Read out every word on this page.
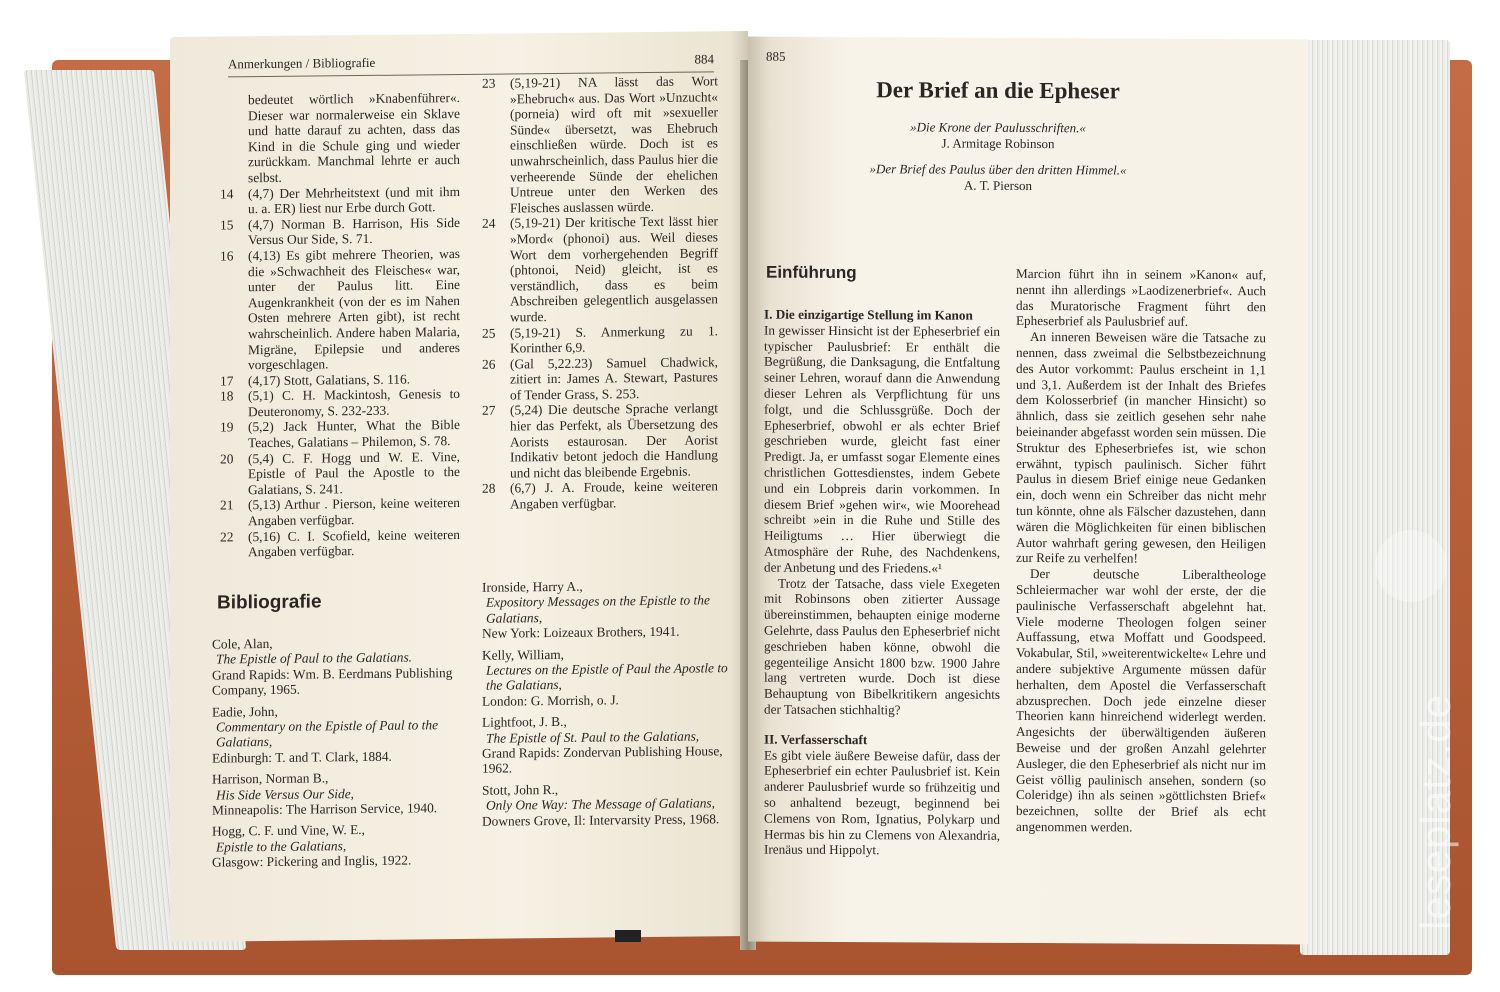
Anmerkungen / Bibliografie	884
bedeutet wörtlich »Knabenführer«. Dieser war normalerweise ein Sklave und hatte darauf zu achten, dass das Kind in die Schule ging und wieder zurückkam. Manchmal lehrte er auch selbst.
14	(4,7) Der Mehrheitstext (und mit ihm u. a. ER) liest nur Erbe durch Gott.
15	(4,7) Norman B. Harrison, His Side Versus Our Side, S. 71.
16	(4,13) Es gibt mehrere Theorien, was die »Schwachheit des Fleisches« war, unter der Paulus litt. Eine Augenkrankheit (von der es im Nahen Osten mehrere Arten gibt), ist recht wahrscheinlich. Andere haben Malaria, Migräne, Epilepsie und anderes vorgeschlagen.
17	(4,17) Stott, Galatians, S. 116.
18	(5,1) C. H. Mackintosh, Genesis to Deuteronomy, S. 232-233.
19	(5,2) Jack Hunter, What the Bible Teaches, Galatians – Philemon, S. 78.
20	(5,4) C. F. Hogg und W. E. Vine, Epistle of Paul the Apostle to the Galatians, S. 241.
21	(5,13) Arthur . Pierson, keine weiteren Angaben verfügbar.
22	(5,16) C. I. Scofield, keine weiteren Angaben verfügbar.
23	(5,19-21) NA lässt das Wort »Ehebruch« aus. Das Wort »Unzucht« (porneia) wird oft mit »sexueller Sünde« übersetzt, was Ehebruch einschließen würde. Doch ist es unwahrscheinlich, dass Paulus hier die verheerende Sünde der ehelichen Untreue unter den Werken des Fleisches auslassen würde.
24	(5,19-21) Der kritische Text lässt hier »Mord« (phonoi) aus. Weil dieses Wort dem vorhergehenden Begriff (phtonoi, Neid) gleicht, ist es verständlich, dass es beim Abschreiben gelegentlich ausgelassen wurde.
25	(5,19-21) S. Anmerkung zu 1. Korinther 6,9.
26	(Gal 5,22.23) Samuel Chadwick, zitiert in: James A. Stewart, Pastures of Tender Grass, S. 253.
27	(5,24) Die deutsche Sprache verlangt hier das Perfekt, als Übersetzung des Aorists estaurosan. Der Aorist Indikativ betont jedoch die Handlung und nicht das bleibende Ergebnis.
28	(6,7) J. A. Froude, keine weiteren Angaben verfügbar.
Bibliografie
Cole, Alan,
The Epistle of Paul to the Galatians.
Grand Rapids: Wm. B. Eerdmans Publishing Company, 1965.
Eadie, John,
Commentary on the Epistle of Paul to the Galatians,
Edinburgh: T. and T. Clark, 1884.
Harrison, Norman B.,
His Side Versus Our Side,
Minneapolis: The Harrison Service, 1940.
Hogg, C. F. und Vine, W. E.,
Epistle to the Galatians,
Glasgow: Pickering and Inglis, 1922.
Ironside, Harry A.,
Expository Messages on the Epistle to the Galatians,
New York: Loizeaux Brothers, 1941.
Kelly, William,
Lectures on the Epistle of Paul the Apostle to the Galatians,
London: G. Morrish, o. J.
Lightfoot, J. B.,
The Epistle of St. Paul to the Galatians,
Grand Rapids: Zondervan Publishing House, 1962.
Stott, John R.,
Only One Way: The Message of Galatians,
Downers Grove, Il: Intervarsity Press, 1968.
885
Der Brief an die Epheser
»Die Krone der Paulusschriften.«
J. Armitage Robinson
»Der Brief des Paulus über den dritten Himmel.«
A. T. Pierson
Einführung
I. Die einzigartige Stellung im Kanon

In gewisser Hinsicht ist der Epheserbrief ein typischer Paulusbrief: Er enthält die Begrüßung, die Danksagung, die Entfaltung seiner Lehren, worauf dann die Anwendung dieser Lehren als Verpflichtung für uns folgt, und die Schlussgrüße. Doch der Epheserbrief, obwohl er als echter Brief geschrieben wurde, gleicht fast einer Predigt. Ja, er umfasst sogar Elemente eines christlichen Gottesdienstes, indem Gebete und ein Lobpreis darin vorkommen. In diesem Brief »gehen wir«, wie Moorehead schreibt »ein in die Ruhe und Stille des Heiligtums … Hier überwiegt die Atmosphäre der Ruhe, des Nachdenkens, der Anbetung und des Friedens.«¹

Trotz der Tatsache, dass viele Exegeten mit Robinsons oben zitierter Aussage übereinstimmen, behaupten einige moderne Gelehrte, dass Paulus den Epheserbrief nicht geschrieben haben könne, obwohl die gegenteilige Ansicht 1800 bzw. 1900 Jahre lang vertreten wurde. Doch ist diese Behauptung von Bibelkritikern angesichts der Tatsachen stichhaltig?

II. Verfasserschaft

Es gibt viele äußere Beweise dafür, dass der Epheserbrief ein echter Paulusbrief ist. Kein anderer Paulusbrief wurde so frühzeitig und so anhaltend bezeugt, beginnend bei Clemens von Rom, Ignatius, Polykarp und Hermas bis hin zu Clemens von Alexandria, Irenäus und Hippolyt.

Marcion führt ihn in seinem »Kanon« auf, nennt ihn allerdings »Laodizenerbrief«. Auch das Muratorische Fragment führt den Epheserbrief als Paulusbrief auf.

An inneren Beweisen wäre die Tatsache zu nennen, dass zweimal die Selbstbezeichnung des Autor vorkommt: Paulus erscheint in 1,1 und 3,1. Außerdem ist der Inhalt des Briefes dem Kolosserbrief (in mancher Hinsicht) so ähnlich, dass sie zeitlich gesehen sehr nahe beieinander abgefasst worden sein müssen. Die Struktur des Epheserbriefes ist, wie schon erwähnt, typisch paulinisch. Sicher führt Paulus in diesem Brief einige neue Gedanken ein, doch wenn ein Schreiber das nicht mehr tun könnte, ohne als Fälscher dazustehen, dann wären die Möglichkeiten für einen biblischen Autor wahrhaft gering gewesen, den Heiligen zur Reife zu verhelfen!

Der deutsche Liberaltheologe Schleiermacher war wohl der erste, der die paulinische Verfasserschaft abgelehnt hat. Viele moderne Theologen folgen seiner Auffassung, etwa Moffatt und Goodspeed. Vokabular, Stil, »weiterentwickelte« Lehre und andere subjektive Argumente müssen dafür herhalten, dem Apostel die Verfasserschaft abzusprechen. Doch jede einzelne dieser Theorien kann hinreichend widerlegt werden. Angesichts der überwältigenden äußeren Beweise und der großen Anzahl gelehrter Ausleger, die den Epheserbrief als nicht nur im Geist völlig paulinisch ansehen, sondern (so Coleridge) ihn als seinen »göttlichsten Brief« bezeichnen, sollte der Brief als echt angenommen werden.	leseplatz.de
